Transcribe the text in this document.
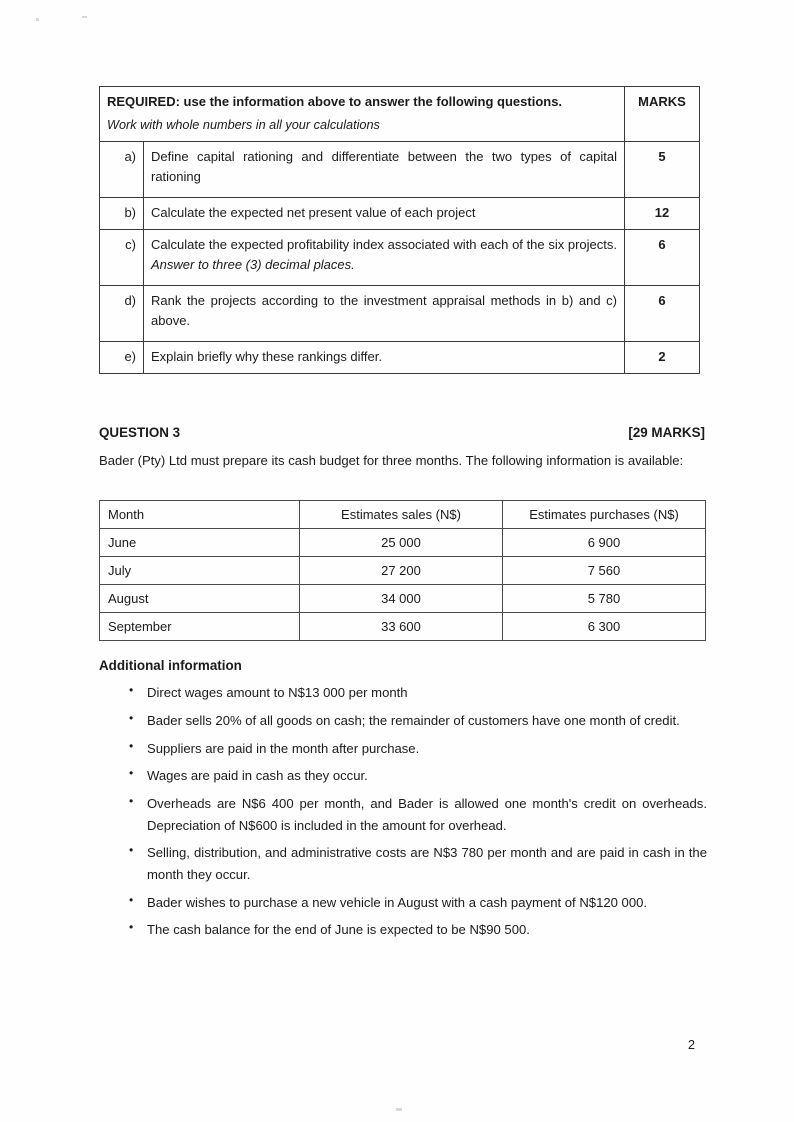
REQUIRED: use the information above to answer the following questions.
Work with whole numbers in all your calculations		MARKS
a)	Define capital rationing and differentiate between the two types of capital rationing	5
b)	Calculate the expected net present value of each project	12
c)	Calculate the expected profitability index associated with each of the six projects. Answer to three (3) decimal places.	6
d)	Rank the projects according to the investment appraisal methods in b) and c) above.	6
e)	Explain briefly why these rankings differ.	2
QUESTION 3	[29 MARKS]
Bader (Pty) Ltd must prepare its cash budget for three months. The following information is available:
Month	Estimates sales (N$)	Estimates purchases (N$)
June	25 000	6 900
July	27 200	7 560
August	34 000	5 780
September	33 600	6 300
Additional information
• Direct wages amount to N$13 000 per month
• Bader sells 20% of all goods on cash; the remainder of customers have one month of credit.
• Suppliers are paid in the month after purchase.
• Wages are paid in cash as they occur.
• Overheads are N$6 400 per month, and Bader is allowed one month's credit on overheads. Depreciation of N$600 is included in the amount for overhead.
• Selling, distribution, and administrative costs are N$3 780 per month and are paid in cash in the month they occur.
• Bader wishes to purchase a new vehicle in August with a cash payment of N$120 000.
• The cash balance for the end of June is expected to be N$90 500.
2
